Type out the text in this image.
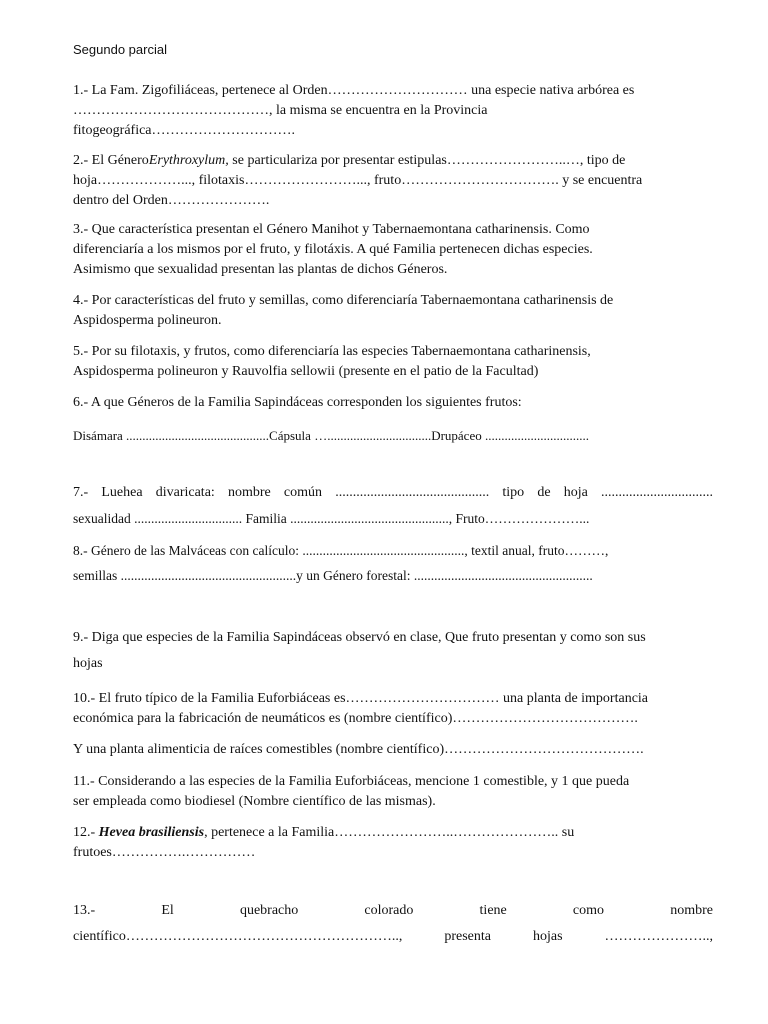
Segundo parcial
1.- La Fam. Zigofiliáceas, pertenece al Orden………………………… una especie nativa arbórea es
……………………………………, la misma se encuentra en la Provincia
fitogeográfica………………………….
2.- El GéneroErythroxylum, se particulariza por presentar estipulas……………………..…, tipo de
hoja………………..., filotaxis……………………..., fruto……………………………. y se encuentra
dentro del Orden………………….
3.- Que característica presentan el Género Manihot y Tabernaemontana catharinensis. Como
diferenciaría a los mismos por el fruto, y filotáxis. A qué Familia pertenecen dichas especies.
Asimismo que sexualidad presentan las plantas de dichos Géneros.
4.- Por características del fruto y semillas, como diferenciaría Tabernaemontana catharinensis de
Aspidosperma polineuron.
5.- Por su filotaxis, y frutos, como diferenciaría las especies Tabernaemontana catharinensis,
Aspidosperma polineuron y Rauvolfia sellowii (presente en el patio de la Facultad)
6.- A que Géneros de la Familia Sapindáceas corresponden los siguientes frutos:
Disámara ............................................Cápsula …................................Drupáceo ................................
7.- Luehea divaricata: nombre común ............................................ tipo de hoja ................................
sexualidad ................................ Familia ..............................................., Fruto…………………...
8.- Género de las Malváceas con calículo: ................................................, textil anual, fruto………,
semillas ....................................................y un Género forestal: .....................................................
9.- Diga que especies de la Familia Sapindáceas observó en clase, Que fruto presentan y como son sus
hojas
10.- El fruto típico de la Familia Euforbiáceas es…………………………… una planta de importancia
económica para la fabricación de neumáticos es (nombre científico)………………………………….
Y una planta alimenticia de raíces comestibles (nombre científico)…………………………………….
11.- Considerando a las especies de la Familia Euforbiáceas, mencione 1 comestible, y 1 que pueda
ser empleada como biodiesel (Nombre científico de las mismas).
12.- Hevea brasiliensis, pertenece a la Familia……………………..………………….. su
frutoes…………….……………
13.-	El	quebracho	colorado	tiene	como	nombre
científico…………………………………………………..,	presenta	hojas	…………………..,
